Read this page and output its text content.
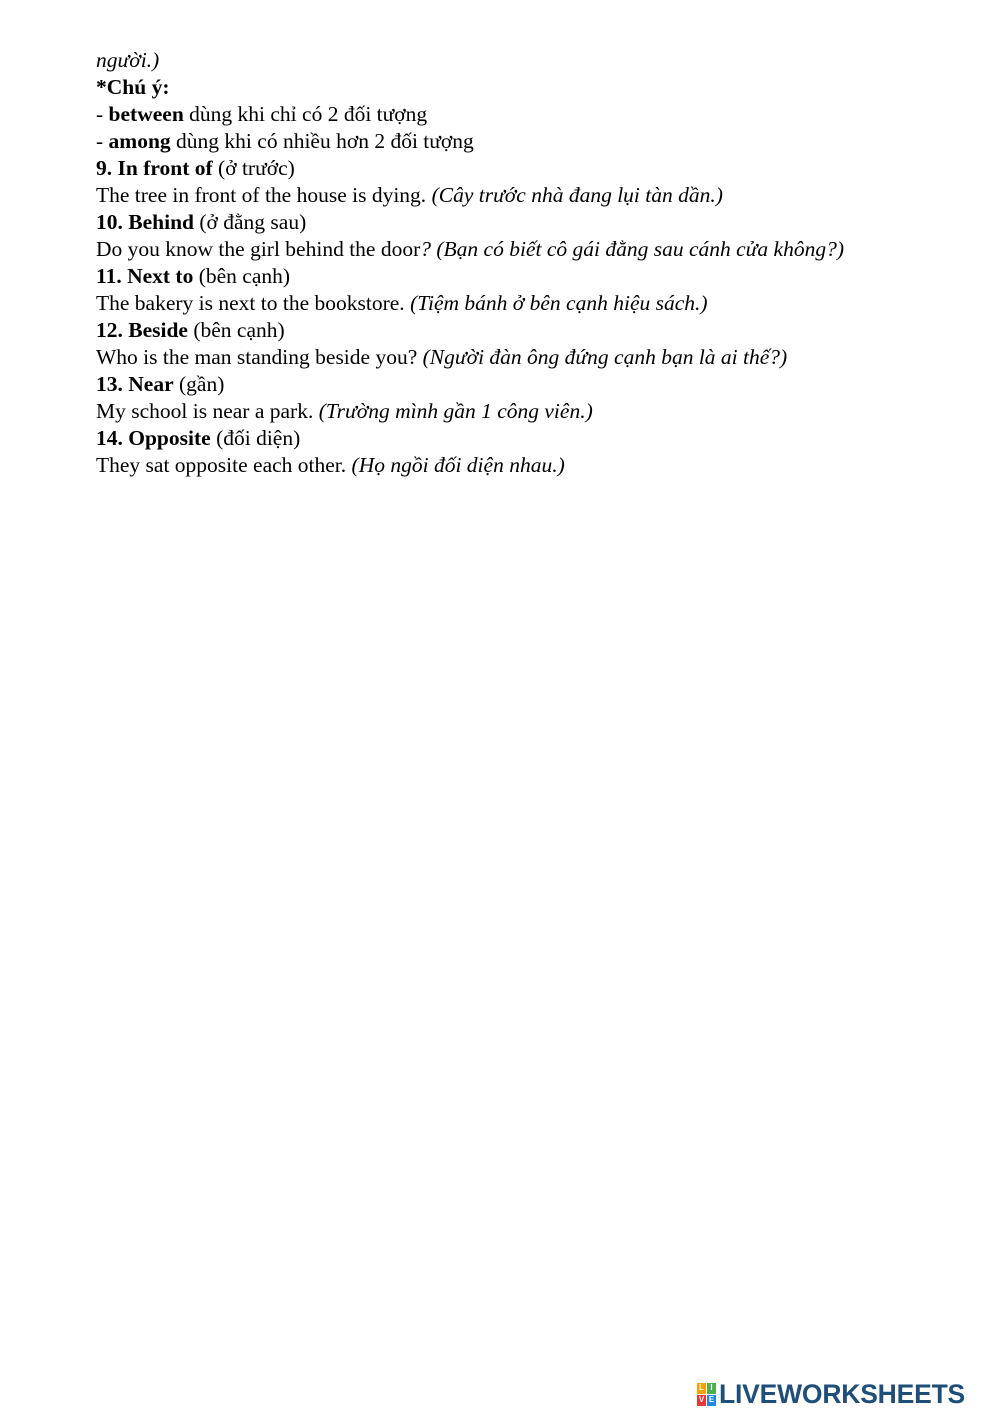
người.)
*Chú ý:
- between dùng khi chỉ có 2 đối tượng
- among dùng khi có nhiều hơn 2 đối tượng
9. In front of (ở trước)
The tree in front of the house is dying. (Cây trước nhà đang lụi tàn dần.)
10. Behind (ở đằng sau)
Do you know the girl behind the door? (Bạn có biết cô gái đằng sau cánh cửa không?)
11. Next to (bên cạnh)
The bakery is next to the bookstore. (Tiệm bánh ở bên cạnh hiệu sách.)
12. Beside (bên cạnh)
Who is the man standing beside you? (Người đàn ông đứng cạnh bạn là ai thế?)
13. Near (gần)
My school is near a park. (Trường mình gần 1 công viên.)
14. Opposite (đối diện)
They sat opposite each other. (Họ ngồi đối diện nhau.)
L I
V E LIVEWORKSHEETS
